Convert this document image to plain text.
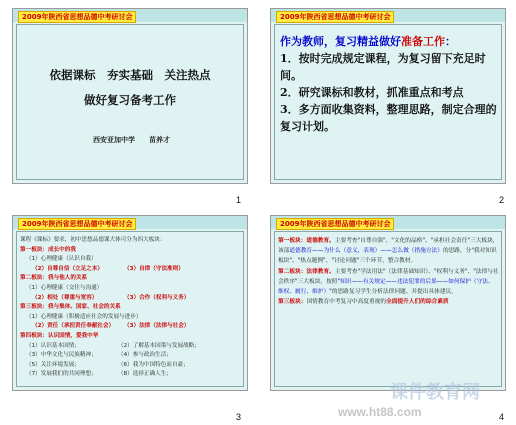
2009年陕西省思想品德中考研讨会
依据课标　夯实基础　关注热点
做好复习备考工作
西安亚加中学　　苗养才
1
2009年陕西省思想品德中考研讨会

作为教师，复习精益做好准备工作：

1．按时完成规定课程，为复习留下充足时间。

2．研究课标和教材，抓准重点和考点

3．多方面收集资料，整理思路，制定合理的复习计划。

2
2009年陕西省思想品德中考研讨会

课程《课标》要求，初中思想品德课大体可分为四大板块：

第一板块：成长中的我

（1）心理健康（认识自我）

（2）自尊自信（立足之本）	（3）自律（守法准则）

第二板块：我与他人的关系

（1）心理健康（交往与沟通）

（2）相处（尊重与宽容）	（3）合作（权利与义务）

第三板块：我与集体、国家、社会的关系

（1）心理健康（积极适应社会的发展与进步）

（2）责任（承担责任奉献社会） （3）法律（法律与社会）

第四板块：认识国情，爱我中华

（1）认识基本国情；	（2）了解基本国策与发展战略；

（3）中华文化与民族精神；	（4）参与政治生活；

（5）关注环境发展；	（6）我为中国特色而自豪；

（7）发展我们的共同理想；	（8）选择正确人生；

3
2009年陕西省思想品德中考研讨会

第一板块：道德教育。主要考查"自尊自强"、"文化的品格"、"承担社会责任"三大板块，该部道德教育——为什么（意义、表现）——怎么做（措施方法）的思路，分"我对知识板块"、"热点题例"、"讨论问题"三个环节，整合教材。

第二板块：法律教育。主要考查"学法用法"（法律基础知识）、"权利与义务"、"法律与社会秩序"三大板块，按照"知识——有关规定——违法犯罪的后果——如何保护（守法、维权、履行、维护）"的思路复习学生分析法律问题、并提出具体建议。

第三板块：国情教育中考复习中高度重视的全面提升人们的综合素质

4
课件教育网
www.ht88.com
